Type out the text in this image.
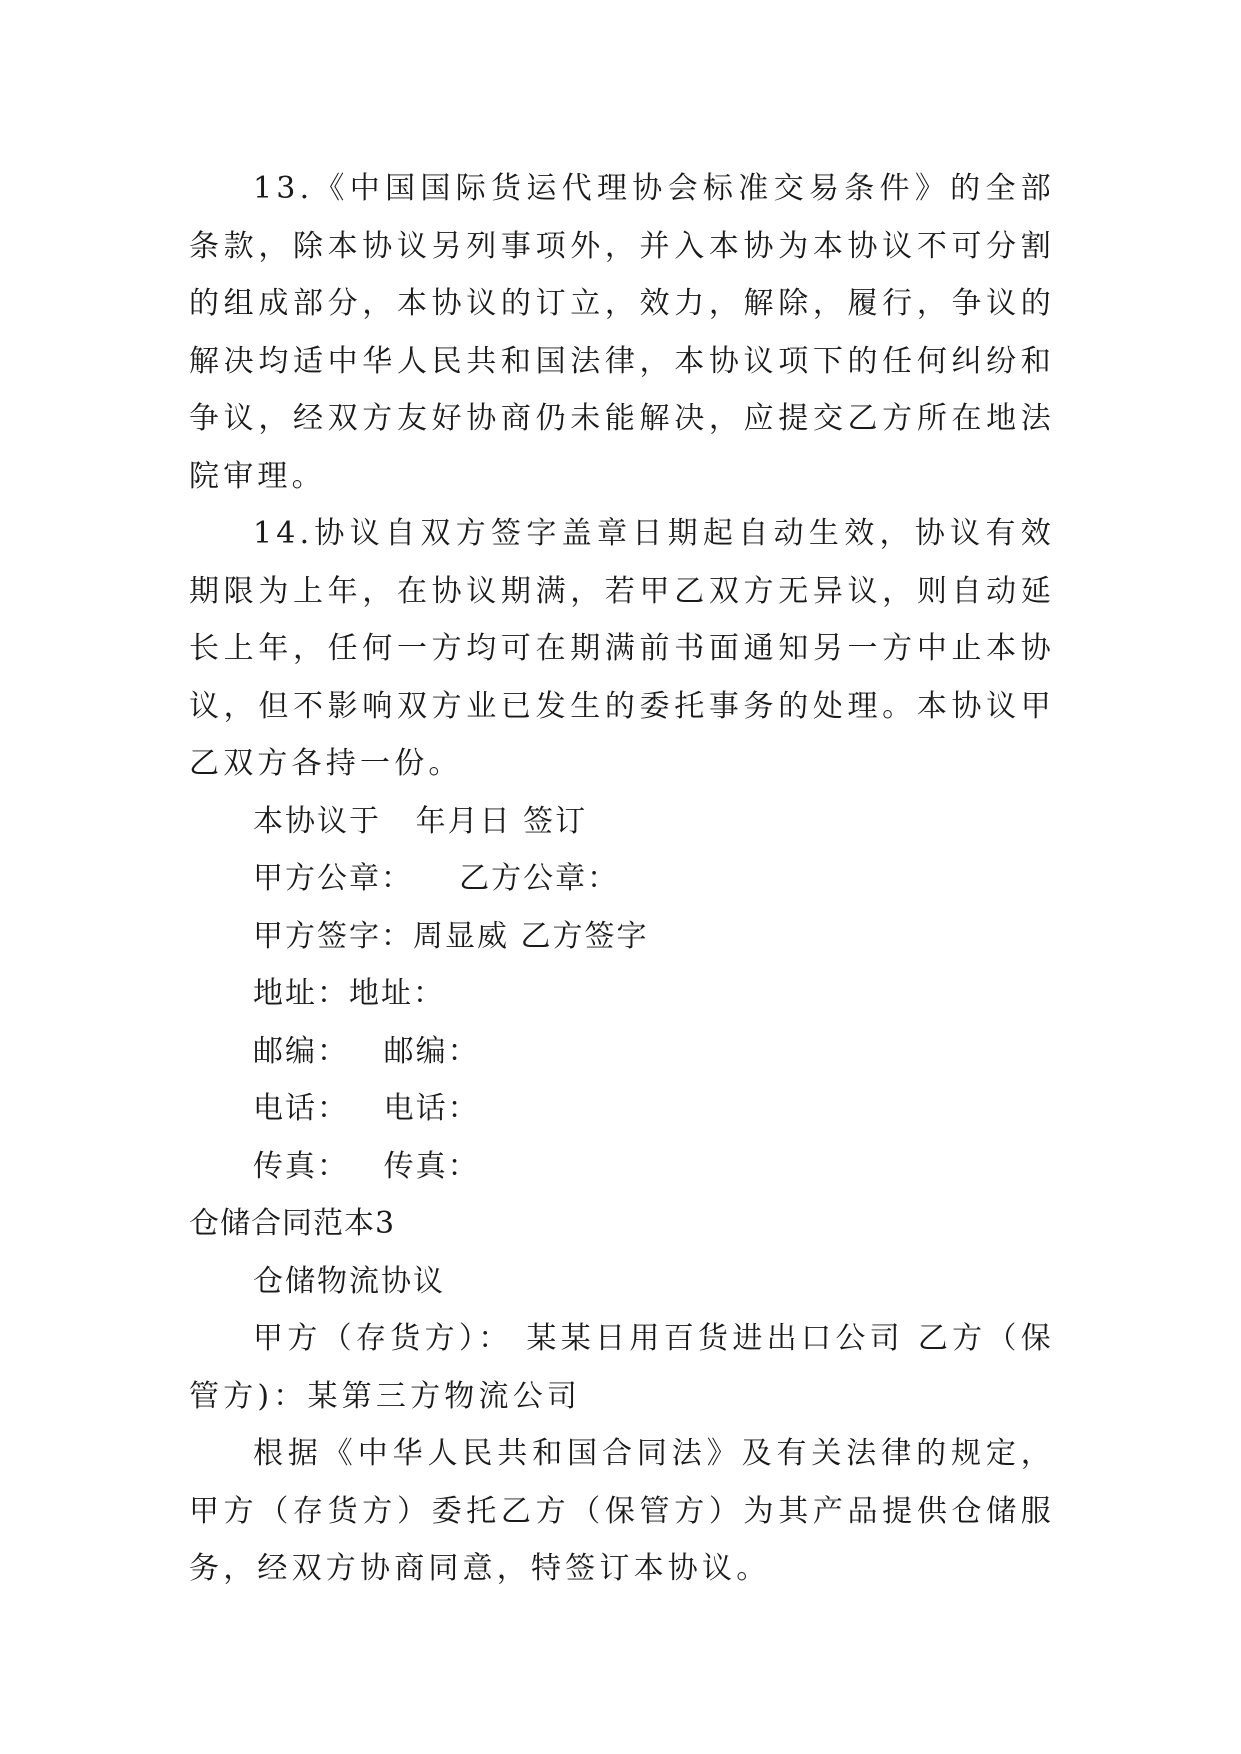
13.《中国国际货运代理协会标准交易条件》的全部条款，除本协议另列事项外，并入本协为本协议不可分割的组成部分，本协议的订立，效力，解除，履行，争议的解决均适中华人民共和国法律，本协议项下的任何纠纷和争议，经双方友好协商仍未能解决，应提交乙方所在地法院审理。

14.协议自双方签字盖章日期起自动生效，协议有效期限为上年，在协议期满，若甲乙双方无异议，则自动延长上年，任何一方均可在期满前书面通知另一方中止本协议，但不影响双方业已发生的委托事务的处理。本协议甲乙双方各持一份。

本协议于   年月日 签订

甲方公章：    乙方公章：

甲方签字：周显威 乙方签字

地址：地址：

邮编：   邮编：

电话：   电话：

传真：   传真：

仓储合同范本3

仓储物流协议

甲方（存货方）： 某某日用百货进出口公司 乙方（保管方)：某第三方物流公司

根据《中华人民共和国合同法》及有关法律的规定，甲方（存货方）委托乙方（保管方）为其产品提供仓储服务，经双方协商同意，特签订本协议。
